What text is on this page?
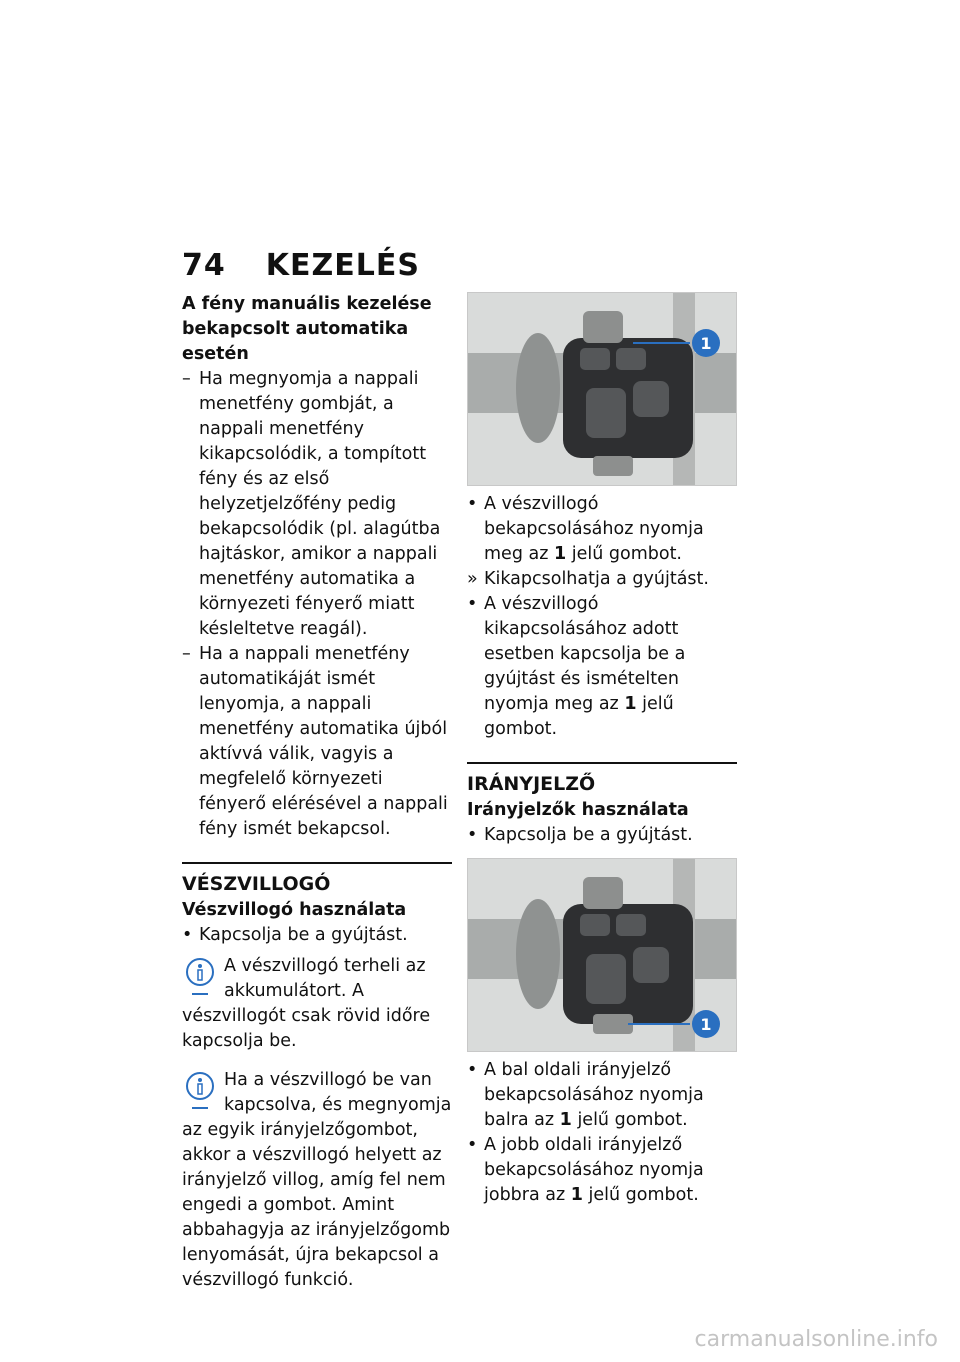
74 KEZELÉS
A fény manuális kezelése bekapcsolt automatika esetén
– Ha megnyomja a nappali menetfény gombját, a nappali menetfény kikapcsolódik, a tompított fény és az első helyzetjelzőfény pedig bekapcsolódik (pl. alagútba hajtáskor, amikor a nappali menetfény automatika a környezeti fényerő miatt késleltetve reagál).
– Ha a nappali menetfény automatikáját ismét lenyomja, a nappali menetfény automatika újból aktívvá válik, vagyis a megfelelő környezeti fényerő elérésével a nappali fény ismét bekapcsol.
VÉSZVILLOGÓ
Vészvillogó használata
• Kapcsolja be a gyújtást.
A vészvillogó terheli az akkumulátort. A vészvillogót csak rövid időre kapcsolja be.
Ha a vészvillogó be van kapcsolva, és megnyomja az egyik irányjelzőgombot, akkor a vészvillogó helyett az irányjelző villog, amíg fel nem engedi a gombot. Amint abbahagyja az irányjelzőgomb lenyomását, újra bekapcsol a vészvillogó funkció.
1
• A vészvillogó bekapcsolásához nyomja meg az 1 jelű gombot.
» Kikapcsolhatja a gyújtást.
• A vészvillogó kikapcsolásához adott esetben kapcsolja be a gyújtást és ismételten nyomja meg az 1 jelű gombot.
IRÁNYJELZŐ
Irányjelzők használata
• Kapcsolja be a gyújtást.
1
• A bal oldali irányjelző bekapcsolásához nyomja balra az 1 jelű gombot.
• A jobb oldali irányjelző bekapcsolásához nyomja jobbra az 1 jelű gombot.
carmanualsonline.info
